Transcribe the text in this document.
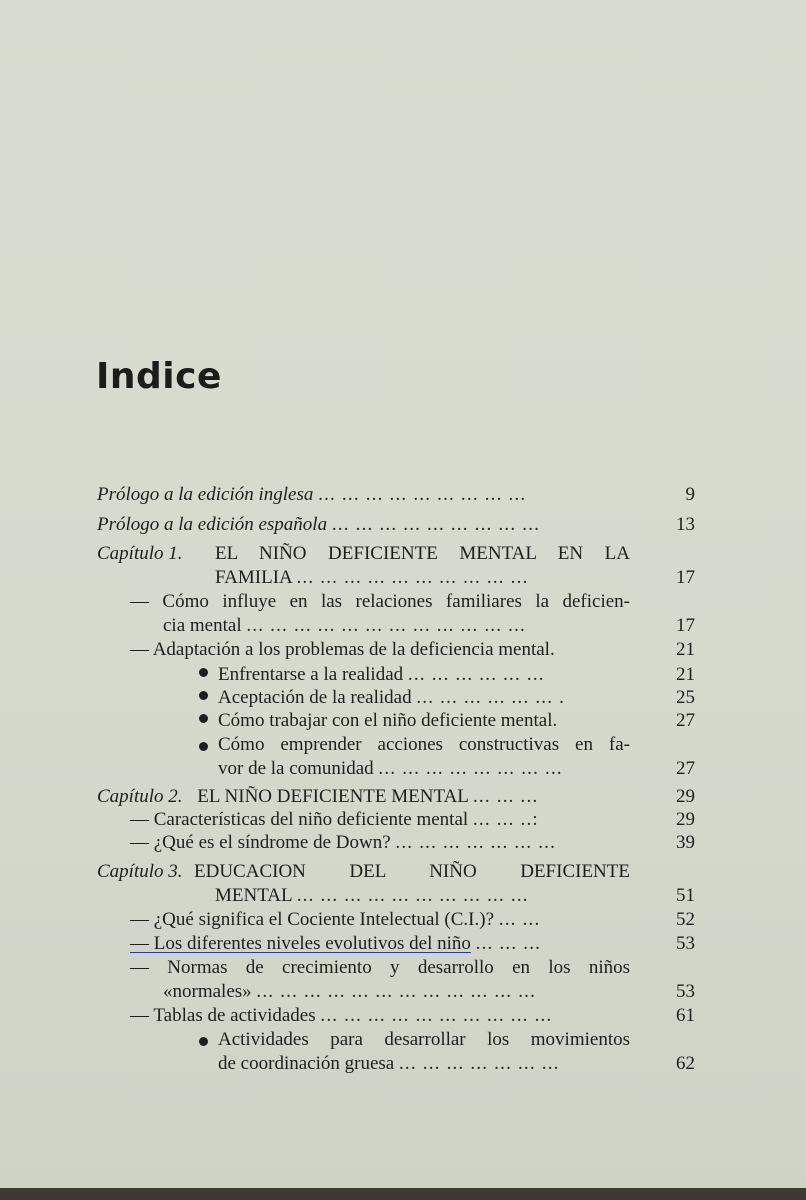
Indice
Prólogo a la edición inglesa ... ... ... ... ... ... ... ... ...	9
Prólogo a la edición española ... ... ... ... ... ... ... ... ...	13
Capítulo 1. EL NIÑO DEFICIENTE MENTAL EN LA
FAMILIA ... ... ... ... ... ... ... ... ... ...	17
— Cómo influye en las relaciones familiares la deficien-
cia mental ... ... ... ... ... ... ... ... ... ... ... ...	17
— Adaptación a los problemas de la deficiencia mental.	21
Enfrentarse a la realidad ... ... ... ... ... ...	21
Aceptación de la realidad ... ... ... ... ... ... .	25
Cómo trabajar con el niño deficiente mental.	27
Cómo emprender acciones constructivas en fa-
vor de la comunidad ... ... ... ... ... ... ... ...	27
Capítulo 2. EL NIÑO DEFICIENTE MENTAL ... ... ...	29
— Características del niño deficiente mental ... ... ..:	29
— ¿Qué es el síndrome de Down? ... ... ... ... ... ... ...	39
Capítulo 3. EDUCACION DEL NIÑO DEFICIENTE
MENTAL ... ... ... ... ... ... ... ... ... ...	51
— ¿Qué significa el Cociente Intelectual (C.I.)? ... ...	52
— Los diferentes niveles evolutivos del niño ... ... ...	53
— Normas de crecimiento y desarrollo en los niños
«normales» ... ... ... ... ... ... ... ... ... ... ... ...	53
— Tablas de actividades ... ... ... ... ... ... ... ... ... ...	61
Actividades para desarrollar los movimientos
de coordinación gruesa ... ... ... ... ... ... ...	62
